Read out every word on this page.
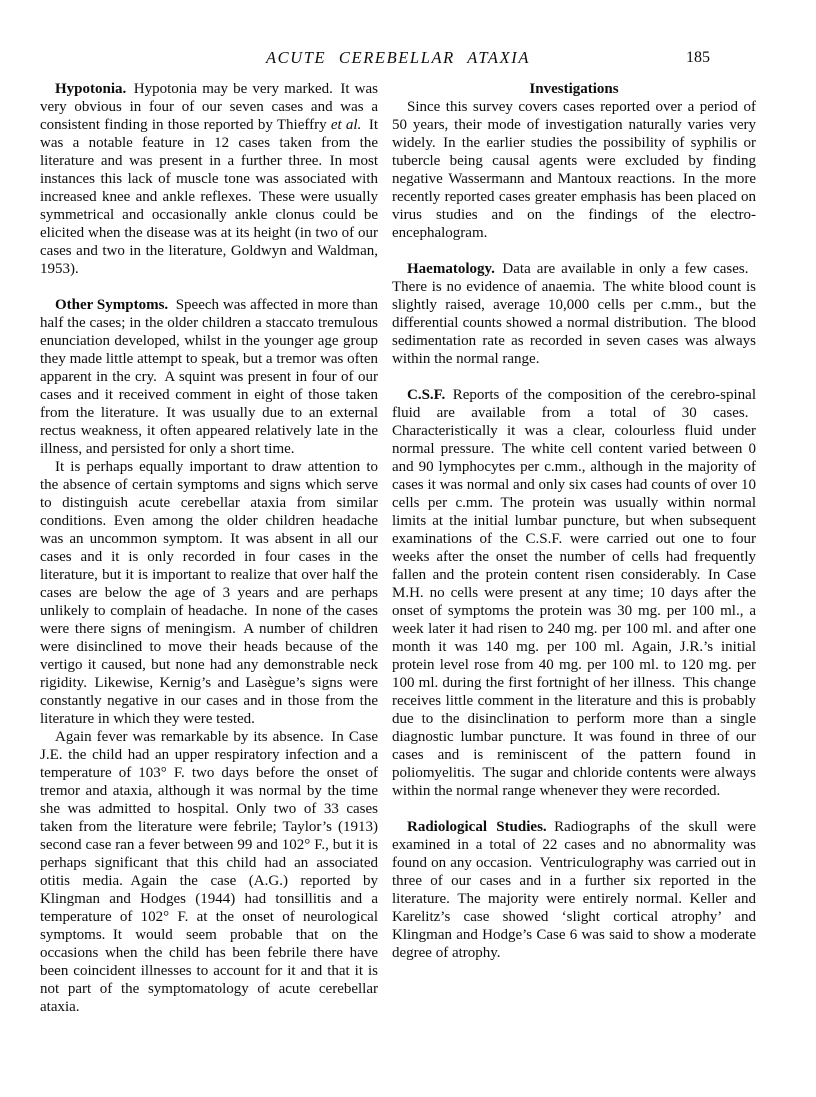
ACUTE CEREBELLAR ATAXIA	185

Hypotonia. Hypotonia may be very marked. It was very obvious in four of our seven cases and was a consistent finding in those reported by Thieffry et al. It was a notable feature in 12 cases taken from the literature and was present in a further three. In most instances this lack of muscle tone was associated with increased knee and ankle reflexes. These were usually symmetrical and occasionally ankle clonus could be elicited when the disease was at its height (in two of our cases and two in the literature, Goldwyn and Waldman, 1953).

Other Symptoms. Speech was affected in more than half the cases; in the older children a staccato tremulous enunciation developed, whilst in the younger age group they made little attempt to speak, but a tremor was often apparent in the cry. A squint was present in four of our cases and it received comment in eight of those taken from the literature. It was usually due to an external rectus weakness, it often appeared relatively late in the illness, and persisted for only a short time.

It is perhaps equally important to draw attention to the absence of certain symptoms and signs which serve to distinguish acute cerebellar ataxia from similar conditions. Even among the older children headache was an uncommon symptom. It was absent in all our cases and it is only recorded in four cases in the literature, but it is important to realize that over half the cases are below the age of 3 years and are perhaps unlikely to complain of headache. In none of the cases were there signs of meningism. A number of children were disinclined to move their heads because of the vertigo it caused, but none had any demonstrable neck rigidity. Likewise, Kernig’s and Lasègue’s signs were constantly negative in our cases and in those from the literature in which they were tested.

Again fever was remarkable by its absence. In Case J.E. the child had an upper respiratory infection and a temperature of 103° F. two days before the onset of tremor and ataxia, although it was normal by the time she was admitted to hospital. Only two of 33 cases taken from the literature were febrile; Taylor’s (1913) second case ran a fever between 99 and 102° F., but it is perhaps significant that this child had an associated otitis media. Again the case (A.G.) reported by Klingman and Hodges (1944) had tonsillitis and a temperature of 102° F. at the onset of neurological symptoms. It would seem probable that on the occasions when the child has been febrile there have been coincident illnesses to account for it and that it is not part of the symptomatology of acute cerebellar ataxia.

Investigations

Since this survey covers cases reported over a period of 50 years, their mode of investigation naturally varies very widely. In the earlier studies the possibility of syphilis or tubercle being causal agents were excluded by finding negative Wassermann and Mantoux reactions. In the more recently reported cases greater emphasis has been placed on virus studies and on the findings of the electro-encephalogram.

Haematology. Data are available in only a few cases. There is no evidence of anaemia. The white blood count is slightly raised, average 10,000 cells per c.mm., but the differential counts showed a normal distribution. The blood sedimentation rate as recorded in seven cases was always within the normal range.

C.S.F. Reports of the composition of the cerebro-spinal fluid are available from a total of 30 cases. Characteristically it was a clear, colourless fluid under normal pressure. The white cell content varied between 0 and 90 lymphocytes per c.mm., although in the majority of cases it was normal and only six cases had counts of over 10 cells per c.mm. The protein was usually within normal limits at the initial lumbar puncture, but when subsequent examinations of the C.S.F. were carried out one to four weeks after the onset the number of cells had frequently fallen and the protein content risen considerably. In Case M.H. no cells were present at any time; 10 days after the onset of symptoms the protein was 30 mg. per 100 ml., a week later it had risen to 240 mg. per 100 ml. and after one month it was 140 mg. per 100 ml. Again, J.R.’s initial protein level rose from 40 mg. per 100 ml. to 120 mg. per 100 ml. during the first fortnight of her illness. This change receives little comment in the literature and this is probably due to the disinclination to perform more than a single diagnostic lumbar puncture. It was found in three of our cases and is reminiscent of the pattern found in poliomyelitis. The sugar and chloride contents were always within the normal range whenever they were recorded.

Radiological Studies. Radiographs of the skull were examined in a total of 22 cases and no abnormality was found on any occasion. Ventriculography was carried out in three of our cases and in a further six reported in the literature. The majority were entirely normal. Keller and Karelitz’s case showed ‘slight cortical atrophy’ and Klingman and Hodge’s Case 6 was said to show a moderate degree of atrophy.
